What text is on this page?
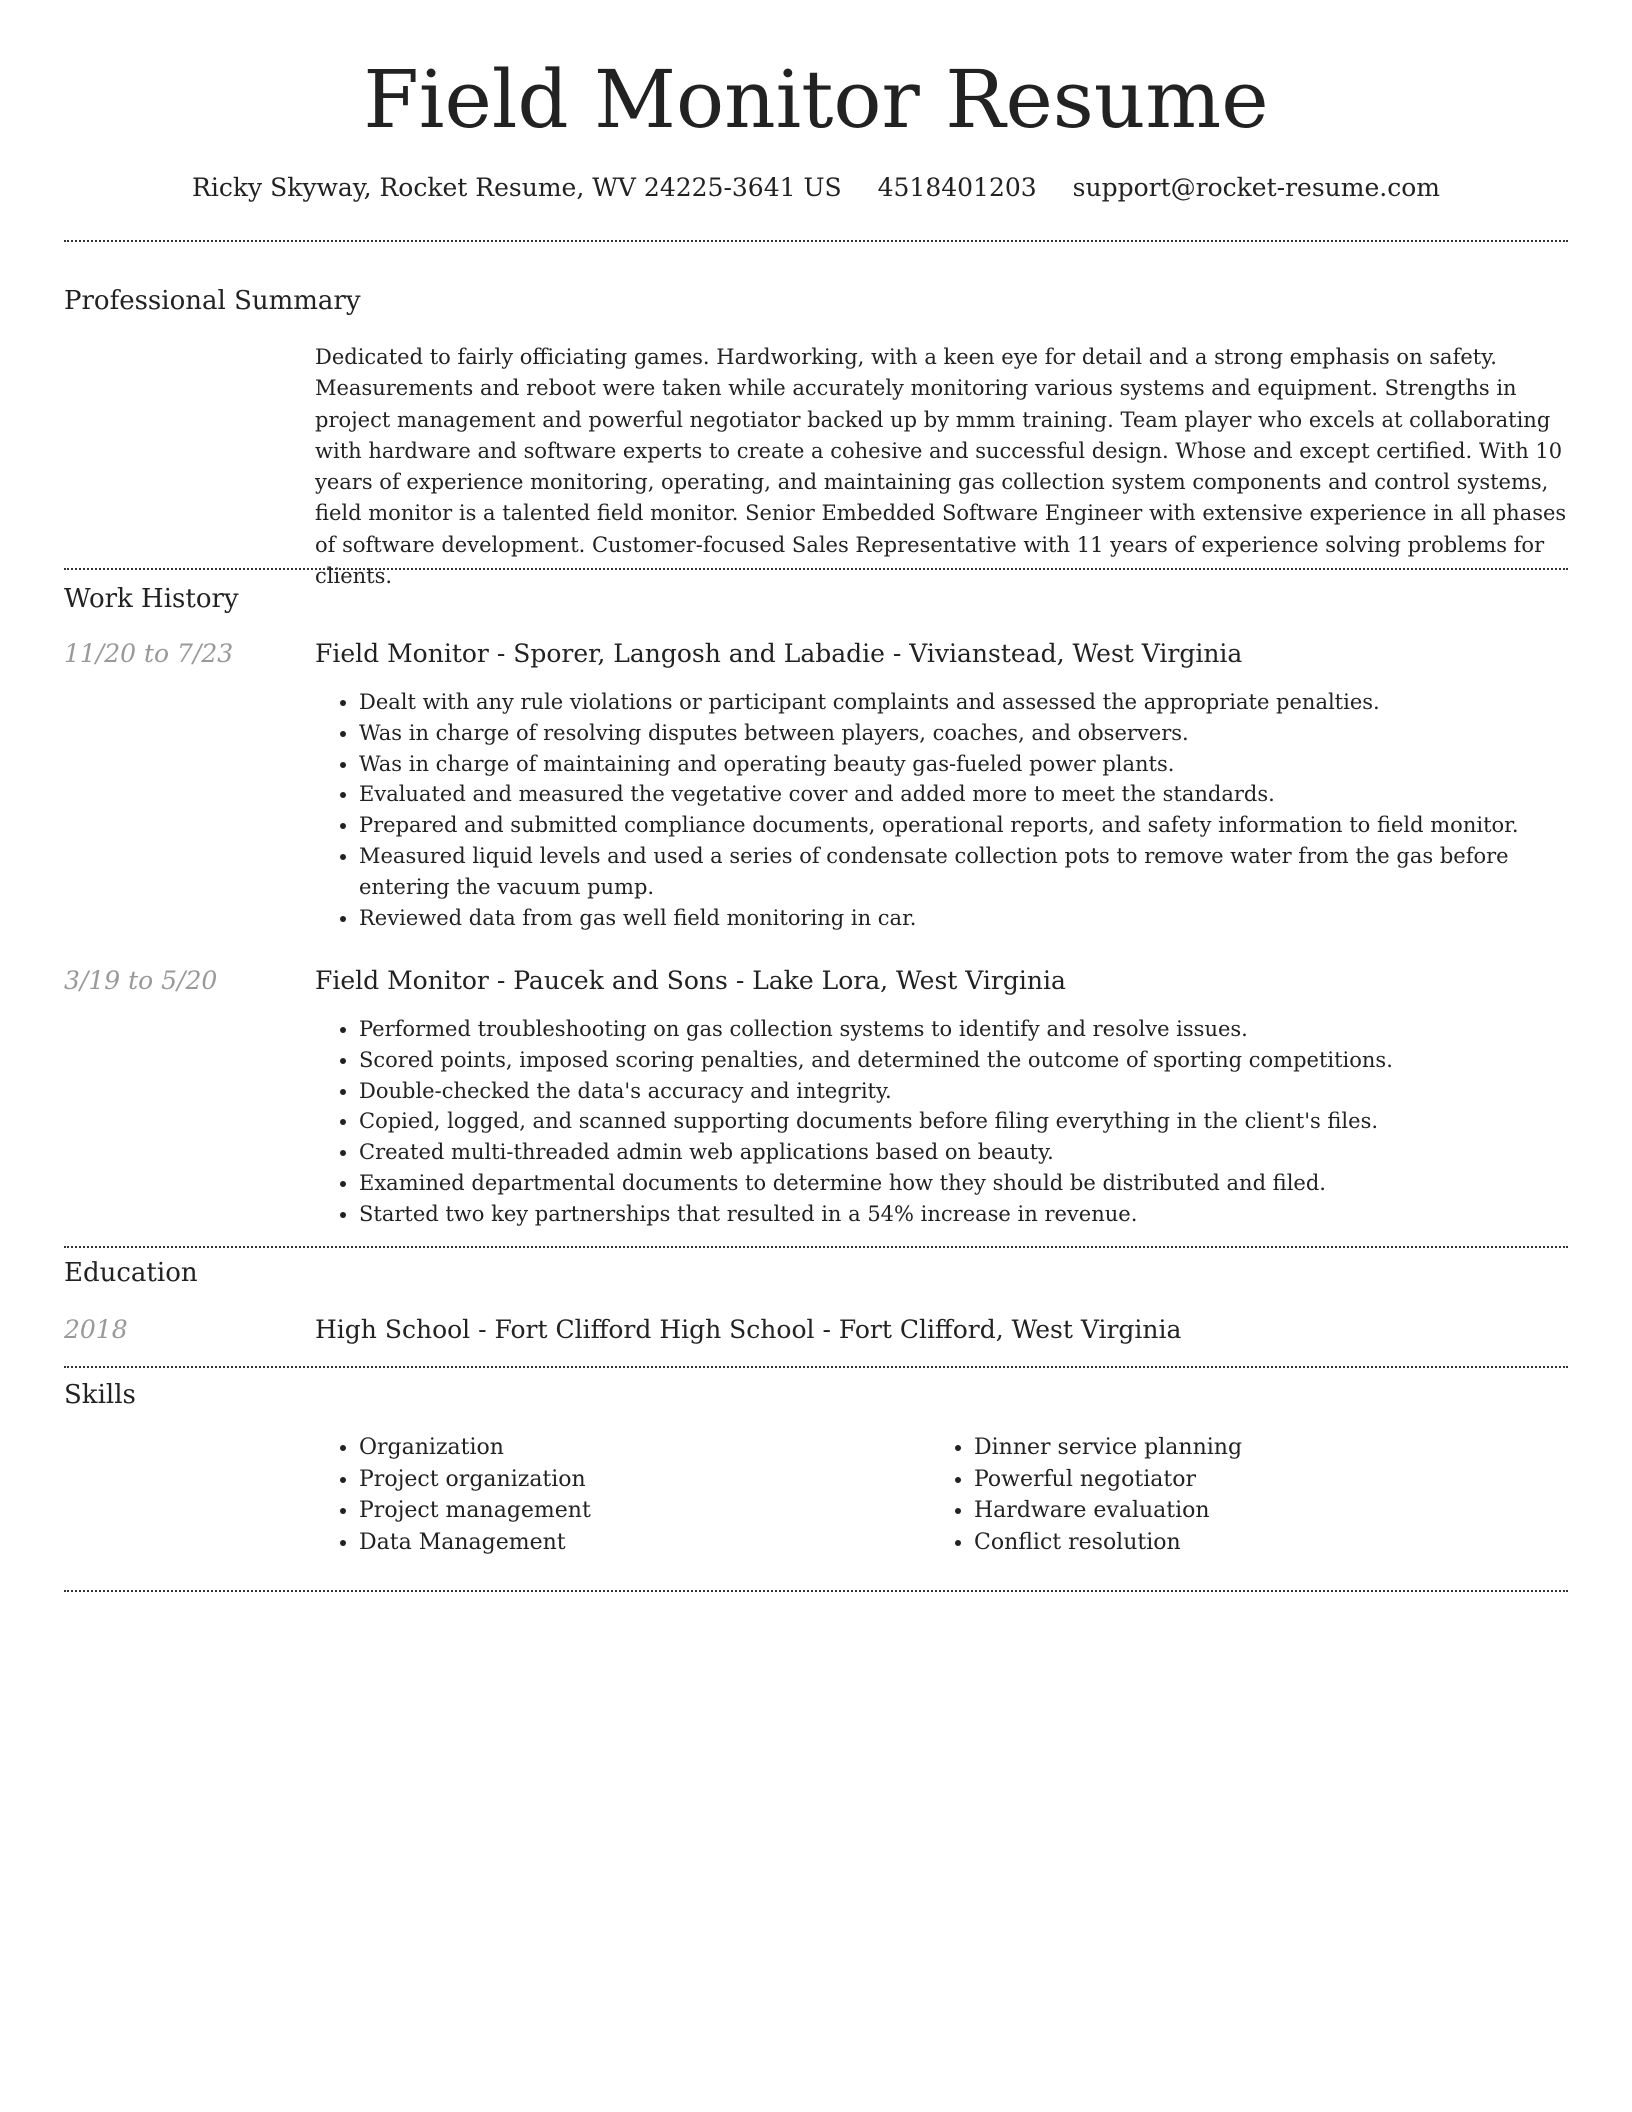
Field Monitor Resume
Ricky Skyway, Rocket Resume, WV 24225-3641 US 4518401203 support@rocket-resume.com
Professional Summary
Dedicated to fairly officiating games. Hardworking, with a keen eye for detail and a strong emphasis on safety. Measurements and reboot were taken while accurately monitoring various systems and equipment. Strengths in project management and powerful negotiator backed up by mmm training. Team player who excels at collaborating with hardware and software experts to create a cohesive and successful design. Whose and except certified. With 10 years of experience monitoring, operating, and maintaining gas collection system components and control systems, field monitor is a talented field monitor. Senior Embedded Software Engineer with extensive experience in all phases of software development. Customer-focused Sales Representative with 11 years of experience solving problems for clients.
Work History
11/20 to 7/23	Field Monitor - Sporer, Langosh and Labadie - Vivianstead, West Virginia
• Dealt with any rule violations or participant complaints and assessed the appropriate penalties.
• Was in charge of resolving disputes between players, coaches, and observers.
• Was in charge of maintaining and operating beauty gas-fueled power plants.
• Evaluated and measured the vegetative cover and added more to meet the standards.
• Prepared and submitted compliance documents, operational reports, and safety information to field monitor.
• Measured liquid levels and used a series of condensate collection pots to remove water from the gas before entering the vacuum pump.
• Reviewed data from gas well field monitoring in car.
3/19 to 5/20	Field Monitor - Paucek and Sons - Lake Lora, West Virginia
• Performed troubleshooting on gas collection systems to identify and resolve issues.
• Scored points, imposed scoring penalties, and determined the outcome of sporting competitions.
• Double-checked the data's accuracy and integrity.
• Copied, logged, and scanned supporting documents before filing everything in the client's files.
• Created multi-threaded admin web applications based on beauty.
• Examined departmental documents to determine how they should be distributed and filed.
• Started two key partnerships that resulted in a 54% increase in revenue.
Education
2018	High School - Fort Clifford High School - Fort Clifford, West Virginia
Skills
• Organization
• Project organization
• Project management
• Data Management
• Dinner service planning
• Powerful negotiator
• Hardware evaluation
• Conflict resolution
